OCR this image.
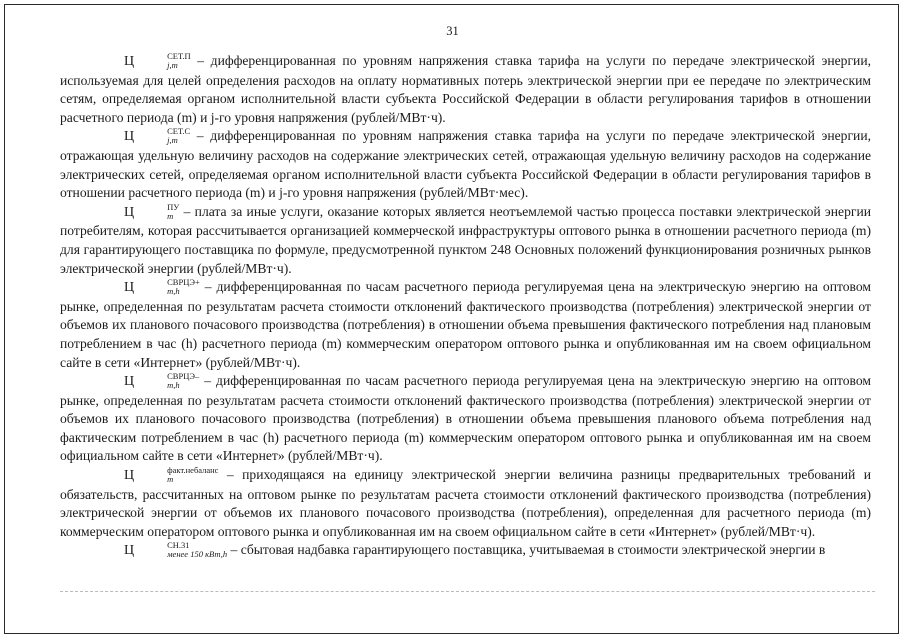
31

Ц	СЕТ.П
j,m – дифференцированная по уровням напряжения ставка тарифа на услуги по передаче электрической энергии, используемая для целей определения расходов на оплату нормативных потерь электрической энергии при ее передаче по электрическим сетям, определяемая органом исполнительной власти субъекта Российской Федерации в области регулирования тарифов в отношении расчетного периода (m) и j-го уровня напряжения (рублей/МВт·ч).

Ц	СЕТ.С
j,m – дифференцированная по уровням напряжения ставка тарифа на услуги по передаче электрической энергии, отражающая удельную величину расходов на содержание электрических сетей, отражающая удельную величину расходов на содержание электрических сетей, определяемая органом исполнительной власти субъекта Российской Федерации в области регулирования тарифов в отношении расчетного периода (m) и j-го уровня напряжения (рублей/МВт·мес).

Ц	ПУ
m – плата за иные услуги, оказание которых является неотъемлемой частью процесса поставки электрической энергии потребителям, которая рассчитывается организацией коммерческой инфраструктуры оптового рынка в отношении расчетного периода (m) для гарантирующего поставщика по формуле, предусмотренной пунктом 248 Основных положений функционирования розничных рынков электрической энергии (рублей/МВт·ч).

Ц	СВРЦЭ+
m,h	– дифференцированная по часам расчетного периода регулируемая цена на электрическую энергию на оптовом рынке, определенная по результатам расчета стоимости отклонений фактического производства (потребления) электрической энергии от объемов их планового почасового производства (потребления) в отношении объема превышения фактического потребления над плановым потреблением в час (h) расчетного периода (m) коммерческим оператором оптового рынка и опубликованная им на своем официальном сайте в сети «Интернет» (рублей/МВт·ч).

Ц	СВРЦЭ–
m,h	– дифференцированная по часам расчетного периода регулируемая цена на электрическую энергию на оптовом рынке, определенная по результатам расчета стоимости отклонений фактического производства (потребления) электрической энергии от объемов их планового почасового производства (потребления) в отношении объема превышения планового объема потребления над фактическим потреблением в час (h) расчетного периода (m) коммерческим оператором оптового рынка и опубликованная им на своем официальном сайте в сети «Интернет» (рублей/МВт·ч).

Ц	факт.небаланс
m	– приходящаяся на единицу электрической энергии величина разницы предварительных требований и обязательств, рассчитанных на оптовом рынке по результатам расчета стоимости отклонений фактического производства (потребления) электрической энергии от объемов их планового почасового производства (потребления), определенная для расчетного периода (m) коммерческим оператором оптового рынка и опубликованная им на своем официальном сайте в сети «Интернет» (рублей/МВт·ч).

Ц	СН.31
менее 150 кВт,h – сбытовая надбавка гарантирующего поставщика, учитываемая в стоимости электрической энергии в
